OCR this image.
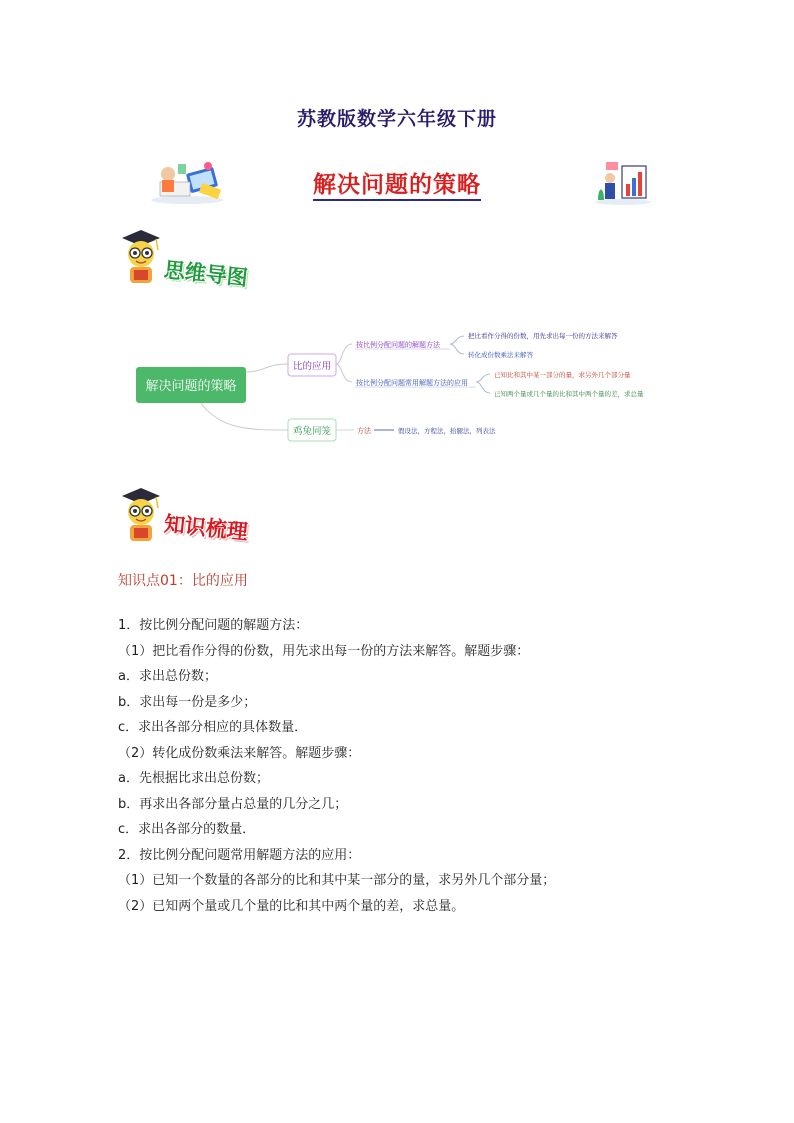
苏教版数学六年级下册
解决问题的策略
思维导图
解决问题的策略
比的应用
按比例分配问题的解题方法
把比看作分得的份数，用先求出每一份的方法来解答
转化成份数乘法来解答
按比例分配问题常用解题方法的应用
已知比和其中某一部分的量，求另外几个部分量
已知两个量或几个量的比和其中两个量的差，求总量
鸡兔同笼	方法	假设法，方程法，抬腿法，列表法
知识梳理
知识点01：比的应用
1．按比例分配问题的解题方法：
（1）把比看作分得的份数，用先求出每一份的方法来解答。解题步骤：
a．求出总份数；
b．求出每一份是多少；
c．求出各部分相应的具体数量．
（2）转化成份数乘法来解答。解题步骤：
a．先根据比求出总份数；
b．再求出各部分量占总量的几分之几；
c．求出各部分的数量．
2．按比例分配问题常用解题方法的应用：
（1）已知一个数量的各部分的比和其中某一部分的量，求另外几个部分量；
（2）已知两个量或几个量的比和其中两个量的差，求总量。
